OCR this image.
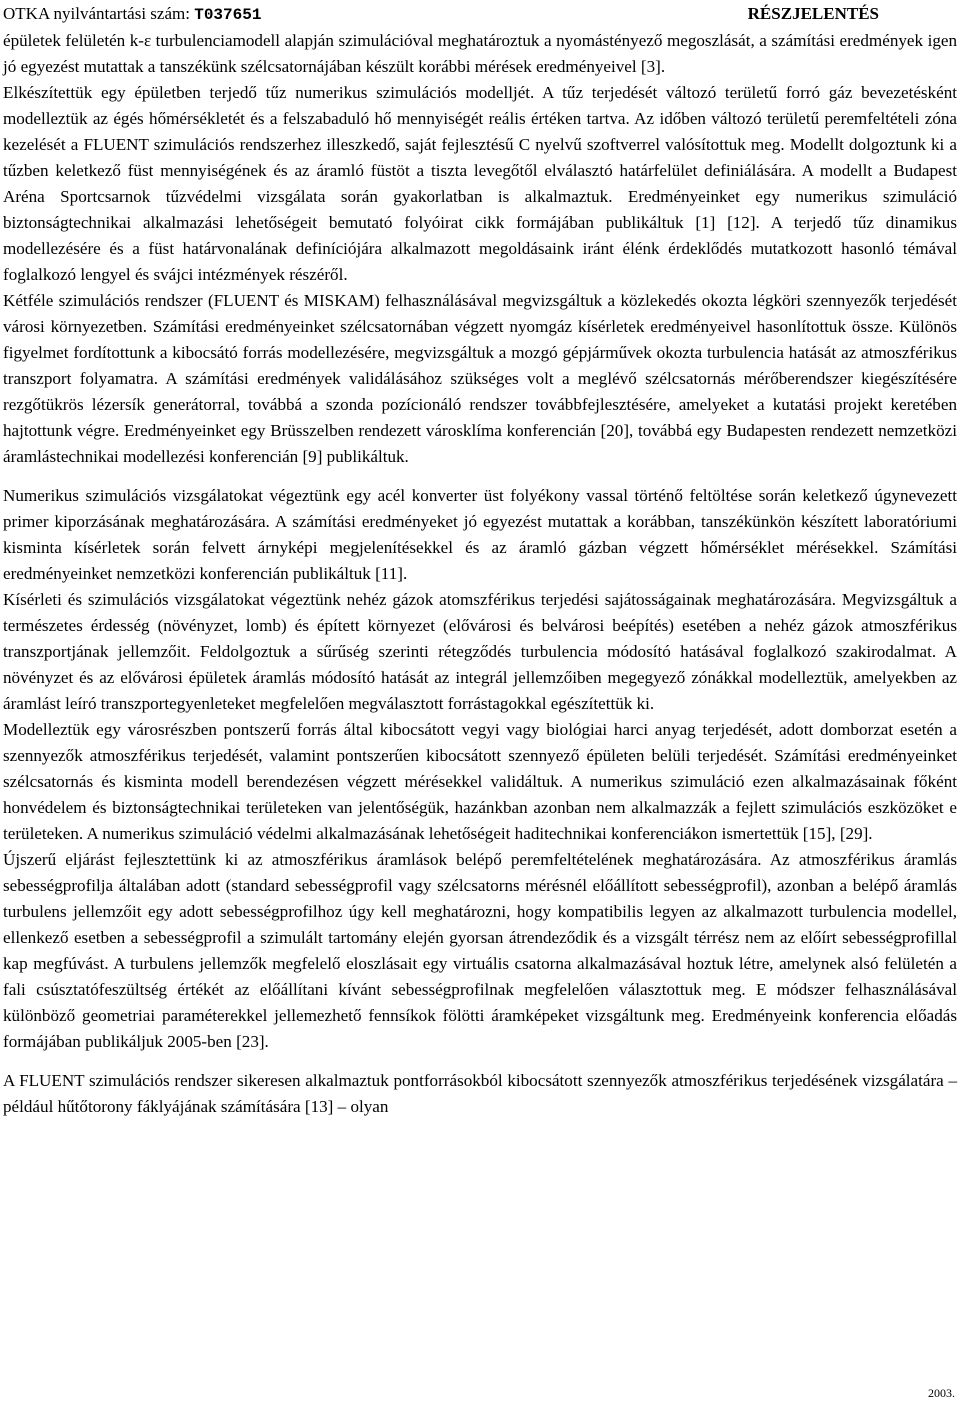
OTKA nyilvántartási szám: T037651	RÉSZJELENTÉS

épületek felületén k-ε turbulenciamodell alapján szimulációval meghatároztuk a nyomástényező megoszlását, a számítási eredmények igen jó egyezést mutattak a tanszékünk szélcsatornájában készült korábbi mérések eredményeivel [3].

Elkészítettük egy épületben terjedő tűz numerikus szimulációs modelljét. A tűz terjedését változó területű forró gáz bevezetésként modelleztük az égés hőmérsékletét és a felszabaduló hő mennyiségét reális értéken tartva. Az időben változó területű peremfeltételi zóna kezelését a FLUENT szimulációs rendszerhez illeszkedő, saját fejlesztésű C nyelvű szoftverrel valósítottuk meg. Modellt dolgoztunk ki a tűzben keletkező füst mennyiségének és az áramló füstöt a tiszta levegőtől elválasztó határfelület definiálására. A modellt a Budapest Aréna Sportcsarnok tűzvédelmi vizsgálata során gyakorlatban is alkalmaztuk. Eredményeinket egy numerikus szimuláció biztonságtechnikai alkalmazási lehetőségeit bemutató folyóirat cikk formájában publikáltuk [1] [12]. A terjedő tűz dinamikus modellezésére és a füst határvonalának definíciójára alkalmazott megoldásaink iránt élénk érdeklődés mutatkozott hasonló témával foglalkozó lengyel és svájci intézmények részéről.

Kétféle szimulációs rendszer (FLUENT és MISKAM) felhasználásával megvizsgáltuk a közlekedés okozta légköri szennyezők terjedését városi környezetben. Számítási eredményeinket szélcsatornában végzett nyomgáz kísérletek eredményeivel hasonlítottuk össze. Különös figyelmet fordítottunk a kibocsátó forrás modellezésére, megvizsgáltuk a mozgó gépjárművek okozta turbulencia hatását az atmoszférikus transzport folyamatra. A számítási eredmények validálásához szükséges volt a meglévő szélcsatornás mérőberendszer kiegészítésére rezgőtükrös lézersík generátorral, továbbá a szonda pozícionáló rendszer továbbfejlesztésére, amelyeket a kutatási projekt keretében hajtottunk végre. Eredményeinket egy Brüsszelben rendezett városklíma konferencián [20], továbbá egy Budapesten rendezett nemzetközi áramlástechnikai modellezési konferencián [9] publikáltuk.

Numerikus szimulációs vizsgálatokat végeztünk egy acél konverter üst folyékony vassal történő feltöltése során keletkező úgynevezett primer kiporzásának meghatározására. A számítási eredményeket jó egyezést mutattak a korábban, tanszékünkön készített laboratóriumi kisminta kísérletek során felvett árnyképi megjelenítésekkel és az áramló gázban végzett hőmérséklet mérésekkel. Számítási eredményeinket nemzetközi konferencián publikáltuk [11].

Kísérleti és szimulációs vizsgálatokat végeztünk nehéz gázok atomszférikus terjedési sajátosságainak meghatározására. Megvizsgáltuk a természetes érdesség (növényzet, lomb) és épített környezet (elővárosi és belvárosi beépítés) esetében a nehéz gázok atmoszférikus transzportjának jellemzőit. Feldolgoztuk a sűrűség szerinti rétegződés turbulencia módosító hatásával foglalkozó szakirodalmat. A növényzet és az elővárosi épületek áramlás módosító hatását az integrál jellemzőiben megegyező zónákkal modelleztük, amelyekben az áramlást leíró transzportegyenleteket megfelelően megválasztott forrástagokkal egészítettük ki.

Modelleztük egy városrészben pontszerű forrás által kibocsátott vegyi vagy biológiai harci anyag terjedését, adott domborzat esetén a szennyezők atmoszférikus terjedését, valamint pontszerűen kibocsátott szennyező épületen belüli terjedését. Számítási eredményeinket szélcsatornás és kisminta modell berendezésen végzett mérésekkel validáltuk. A numerikus szimuláció ezen alkalmazásainak főként honvédelem és biztonságtechnikai területeken van jelentőségük, hazánkban azonban nem alkalmazzák a fejlett szimulációs eszközöket e területeken. A numerikus szimuláció védelmi alkalmazásának lehetőségeit haditechnikai konferenciákon ismertettük [15], [29].

Újszerű eljárást fejlesztettünk ki az atmoszférikus áramlások belépő peremfeltételének meghatározására. Az atmoszférikus áramlás sebességprofilja általában adott (standard sebességprofil vagy szélcsatorns mérésnél előállított sebességprofil), azonban a belépő áramlás turbulens jellemzőit egy adott sebességprofilhoz úgy kell meghatározni, hogy kompatibilis legyen az alkalmazott turbulencia modellel, ellenkező esetben a sebességprofil a szimulált tartomány elején gyorsan átrendeződik és a vizsgált térrész nem az előírt sebességprofillal kap megfúvást. A turbulens jellemzők megfelelő eloszlásait egy virtuális csatorna alkalmazásával hoztuk létre, amelynek alsó felületén a fali csúsztatófeszültség értékét az előállítani kívánt sebességprofilnak megfelelően választottuk meg. E módszer felhasználásával különböző geometriai paraméterekkel jellemezhető fennsíkok fölötti áramképeket vizsgáltunk meg. Eredményeink konferencia előadás formájában publikáljuk 2005-ben [23].

A FLUENT szimulációs rendszer sikeresen alkalmaztuk pontforrásokból kibocsátott szennyezők atmoszférikus terjedésének vizsgálatára – például hűtőtorony fáklyájának számítására [13] – olyan

2003.
